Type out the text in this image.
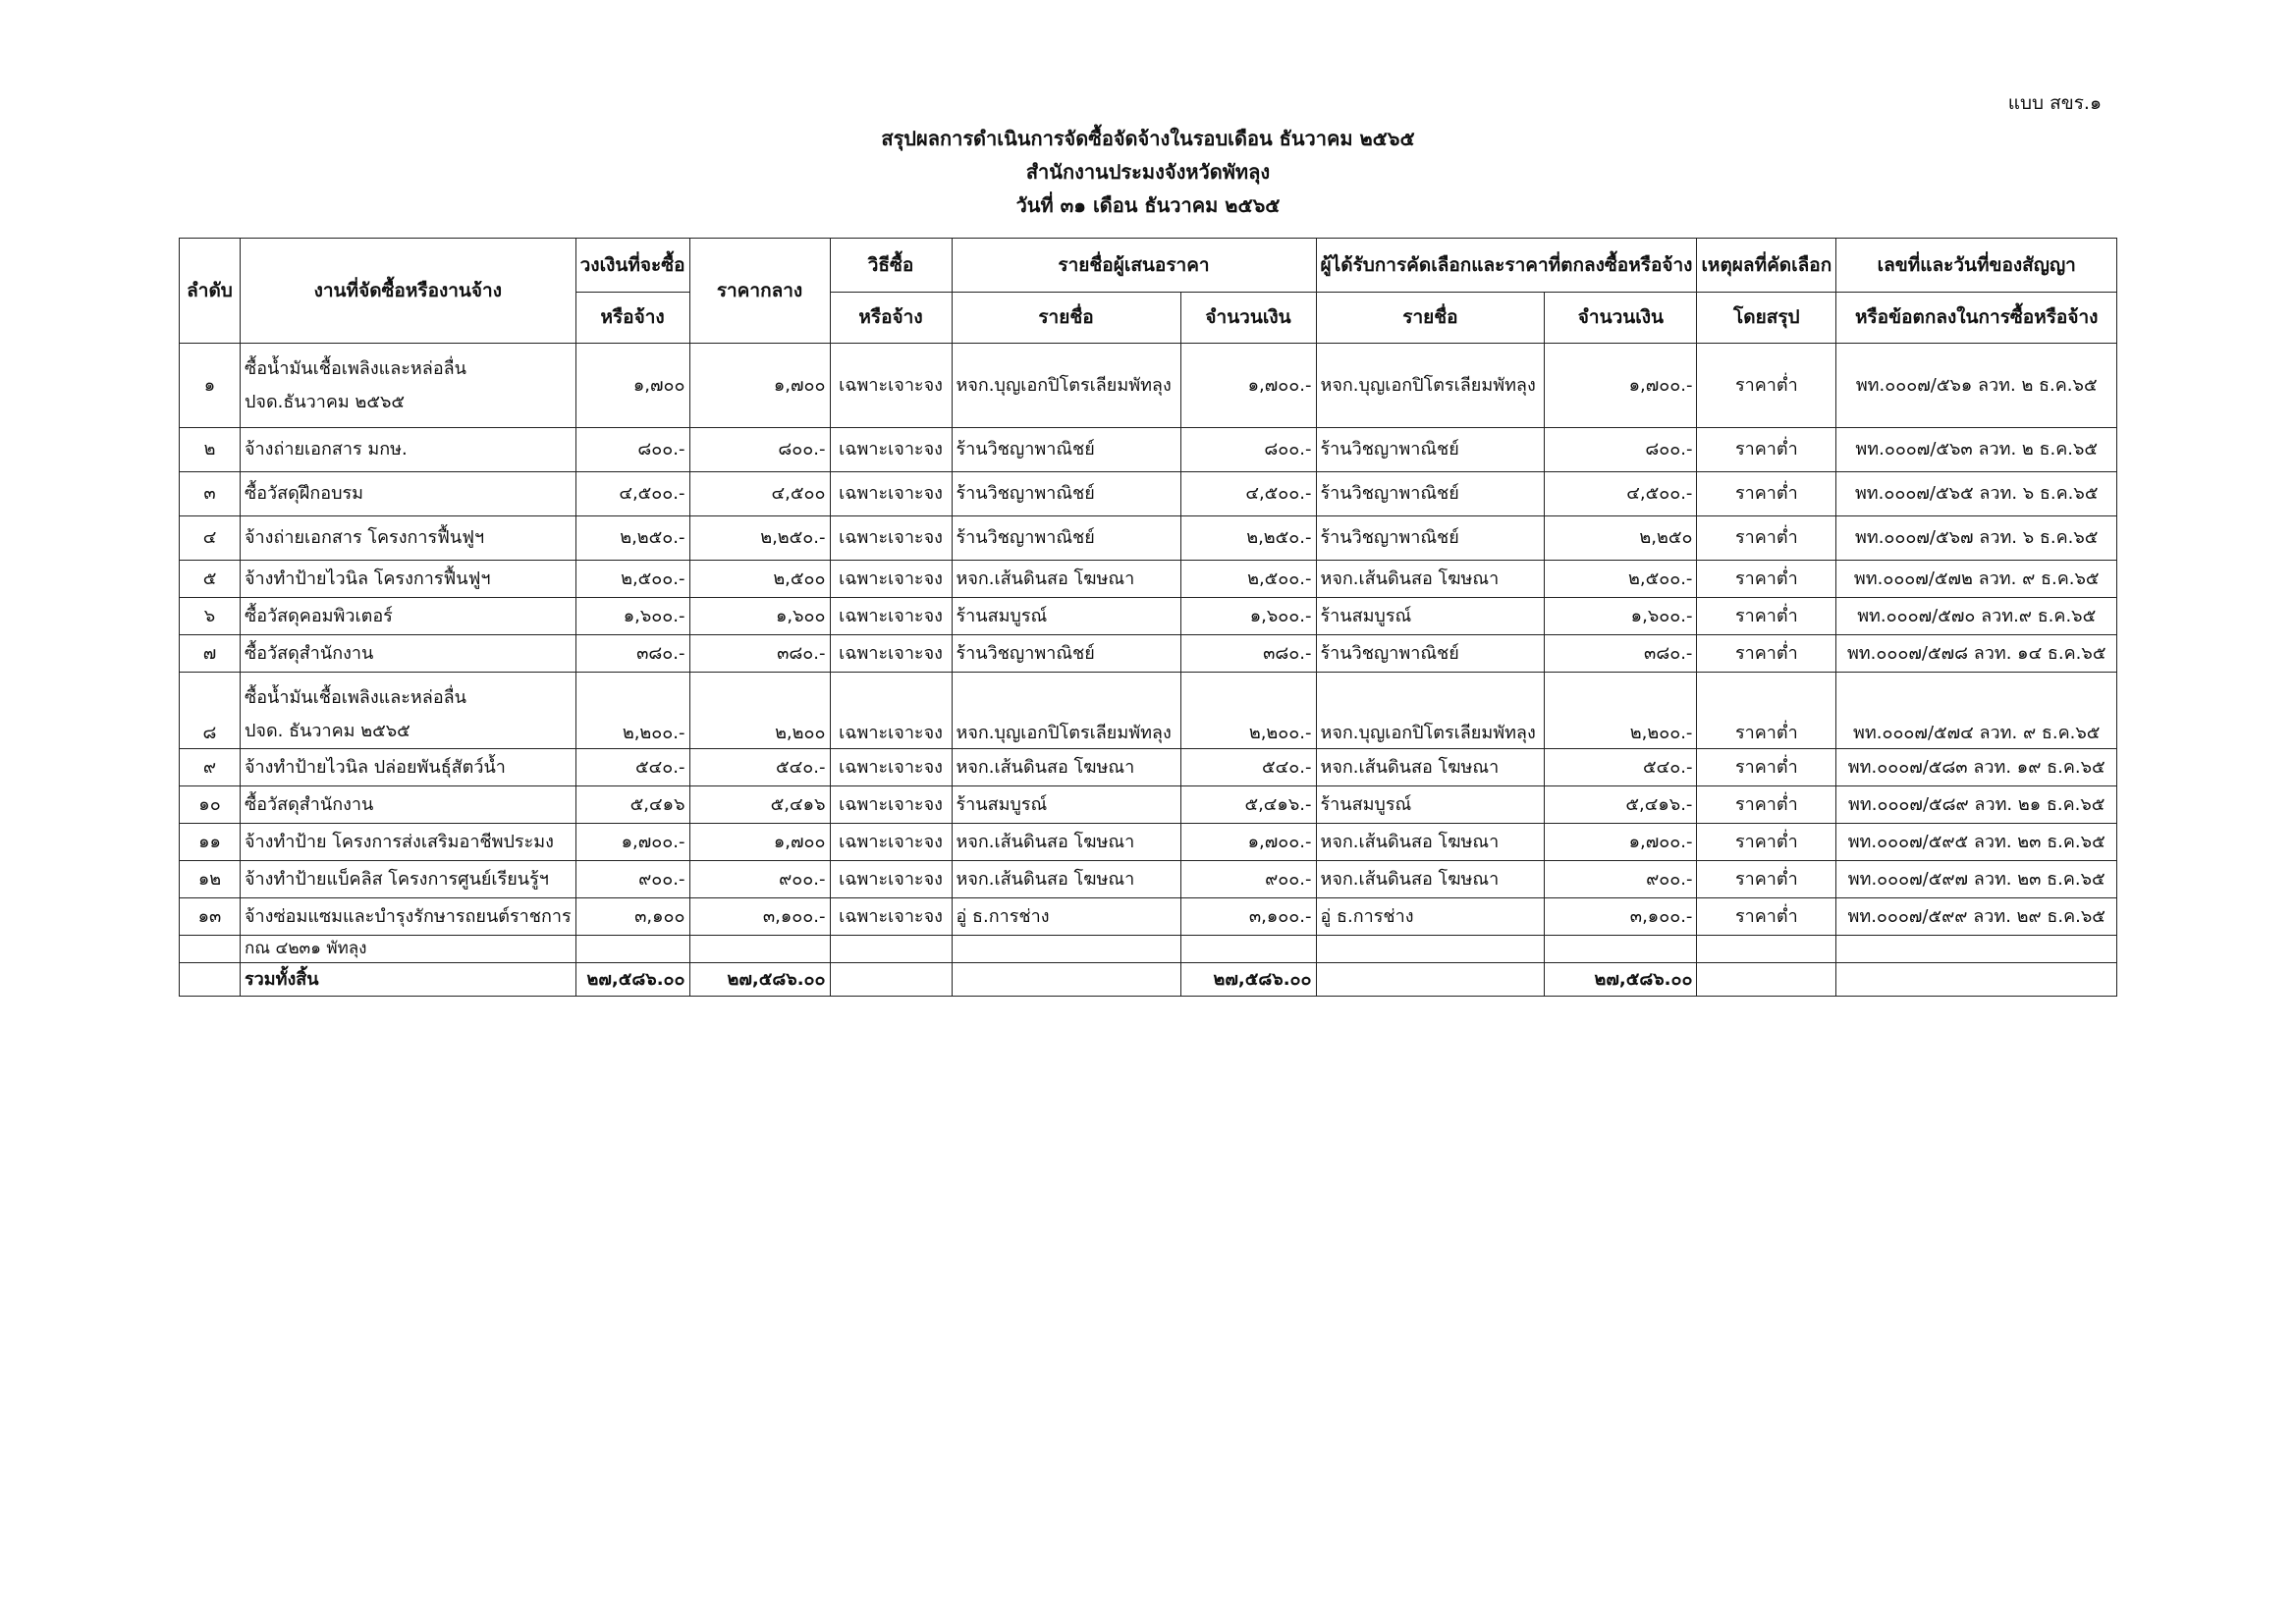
แบบ สขร.๑
สรุปผลการดำเนินการจัดซื้อจัดจ้างในรอบเดือน ธันวาคม ๒๕๖๕
สำนักงานประมงจังหวัดพัทลุง
วันที่ ๓๑ เดือน ธันวาคม ๒๕๖๕
ลำดับ	งานที่จัดซื้อหรืองานจ้าง	วงเงินที่จะซื้อ	ราคากลาง	วิธีซื้อ	รายชื่อผู้เสนอราคา		ผู้ได้รับการคัดเลือกและราคาที่ตกลงซื้อหรือจ้าง		เหตุผลที่คัดเลือก	เลขที่และวันที่ของสัญญา
		หรือจ้าง		หรือจ้าง	รายชื่อ	จำนวนเงิน	รายชื่อ	จำนวนเงิน	โดยสรุป	หรือข้อตกลงในการซื้อหรือจ้าง
๑	ซื้อน้ำมันเชื้อเพลิงและหล่อลื่น
ปจด.ธันวาคม ๒๕๖๕	๑,๗๐๐	๑,๗๐๐	เฉพาะเจาะจง	หจก.บุญเอกปิโตรเลียมพัทลุง	๑,๗๐๐.-	หจก.บุญเอกปิโตรเลียมพัทลุง	๑,๗๐๐.-	ราคาต่ำ	พท.๐๐๐๗/๕๖๑ ลวท. ๒ ธ.ค.๖๕
๒	จ้างถ่ายเอกสาร มกษ.	๘๐๐.-	๘๐๐.-	เฉพาะเจาะจง	ร้านวิชญาพาณิชย์	๘๐๐.-	ร้านวิชญาพาณิชย์	๘๐๐.-	ราคาต่ำ	พท.๐๐๐๗/๕๖๓ ลวท. ๒ ธ.ค.๖๕
๓	ซื้อวัสดุฝึกอบรม	๔,๕๐๐.-	๔,๕๐๐	เฉพาะเจาะจง	ร้านวิชญาพาณิชย์	๔,๕๐๐.-	ร้านวิชญาพาณิชย์	๔,๕๐๐.-	ราคาต่ำ	พท.๐๐๐๗/๕๖๕ ลวท. ๖ ธ.ค.๖๕
๔	จ้างถ่ายเอกสาร โครงการฟื้นฟูฯ	๒,๒๕๐.-	๒,๒๕๐.-	เฉพาะเจาะจง	ร้านวิชญาพาณิชย์	๒,๒๕๐.-	ร้านวิชญาพาณิชย์	๒,๒๕๐	ราคาต่ำ	พท.๐๐๐๗/๕๖๗ ลวท. ๖ ธ.ค.๖๕
๕	จ้างทำป้ายไวนิล โครงการฟื้นฟูฯ	๒,๕๐๐.-	๒,๕๐๐	เฉพาะเจาะจง	หจก.เส้นดินสอ โฆษณา	๒,๕๐๐.-	หจก.เส้นดินสอ โฆษณา	๒,๕๐๐.-	ราคาต่ำ	พท.๐๐๐๗/๕๗๒ ลวท. ๙ ธ.ค.๖๕
๖	ซื้อวัสดุคอมพิวเตอร์	๑,๖๐๐.-	๑,๖๐๐	เฉพาะเจาะจง	ร้านสมบูรณ์	๑,๖๐๐.-	ร้านสมบูรณ์	๑,๖๐๐.-	ราคาต่ำ	พท.๐๐๐๗/๕๗๐ ลวท.๙ ธ.ค.๖๕
๗	ซื้อวัสดุสำนักงาน	๓๘๐.-	๓๘๐.-	เฉพาะเจาะจง	ร้านวิชญาพาณิชย์	๓๘๐.-	ร้านวิชญาพาณิชย์	๓๘๐.-	ราคาต่ำ	พท.๐๐๐๗/๕๗๘ ลวท. ๑๔ ธ.ค.๖๕
๘	ซื้อน้ำมันเชื้อเพลิงและหล่อลื่น
ปจด. ธันวาคม ๒๕๖๕	๒,๒๐๐.-	๒,๒๐๐	เฉพาะเจาะจง	หจก.บุญเอกปิโตรเลียมพัทลุง	๒,๒๐๐.-	หจก.บุญเอกปิโตรเลียมพัทลุง	๒,๒๐๐.-	ราคาต่ำ	พท.๐๐๐๗/๕๗๔ ลวท. ๙ ธ.ค.๖๕
๙	จ้างทำป้ายไวนิล ปล่อยพันธุ์สัตว์น้ำ	๕๔๐.-	๕๔๐.-	เฉพาะเจาะจง	หจก.เส้นดินสอ โฆษณา	๕๔๐.-	หจก.เส้นดินสอ โฆษณา	๕๔๐.-	ราคาต่ำ	พท.๐๐๐๗/๕๘๓ ลวท. ๑๙ ธ.ค.๖๕
๑๐	ซื้อวัสดุสำนักงาน	๕,๔๑๖	๕,๔๑๖	เฉพาะเจาะจง	ร้านสมบูรณ์	๕,๔๑๖.-	ร้านสมบูรณ์	๕,๔๑๖.-	ราคาต่ำ	พท.๐๐๐๗/๕๘๙ ลวท. ๒๑ ธ.ค.๖๕
๑๑	จ้างทำป้าย โครงการส่งเสริมอาชีพประมง	๑,๗๐๐.-	๑,๗๐๐	เฉพาะเจาะจง	หจก.เส้นดินสอ โฆษณา	๑,๗๐๐.-	หจก.เส้นดินสอ โฆษณา	๑,๗๐๐.-	ราคาต่ำ	พท.๐๐๐๗/๕๙๕ ลวท. ๒๓ ธ.ค.๖๕
๑๒	จ้างทำป้ายแบ็คลิส โครงการศูนย์เรียนรู้ฯ	๙๐๐.-	๙๐๐.-	เฉพาะเจาะจง	หจก.เส้นดินสอ โฆษณา	๙๐๐.-	หจก.เส้นดินสอ โฆษณา	๙๐๐.-	ราคาต่ำ	พท.๐๐๐๗/๕๙๗ ลวท. ๒๓ ธ.ค.๖๕
๑๓	จ้างซ่อมแซมและบำรุงรักษารถยนต์ราชการ	๓,๑๐๐	๓,๑๐๐.-	เฉพาะเจาะจง	อู่ ธ.การช่าง	๓,๑๐๐.-	อู่ ธ.การช่าง	๓,๑๐๐.-	ราคาต่ำ	พท.๐๐๐๗/๕๙๙ ลวท. ๒๙ ธ.ค.๖๕
	กณ ๔๒๓๑ พัทลุง									
	รวมทั้งสิ้น	๒๗,๕๘๖.๐๐	๒๗,๕๘๖.๐๐			๒๗,๕๘๖.๐๐		๒๗,๕๘๖.๐๐		
